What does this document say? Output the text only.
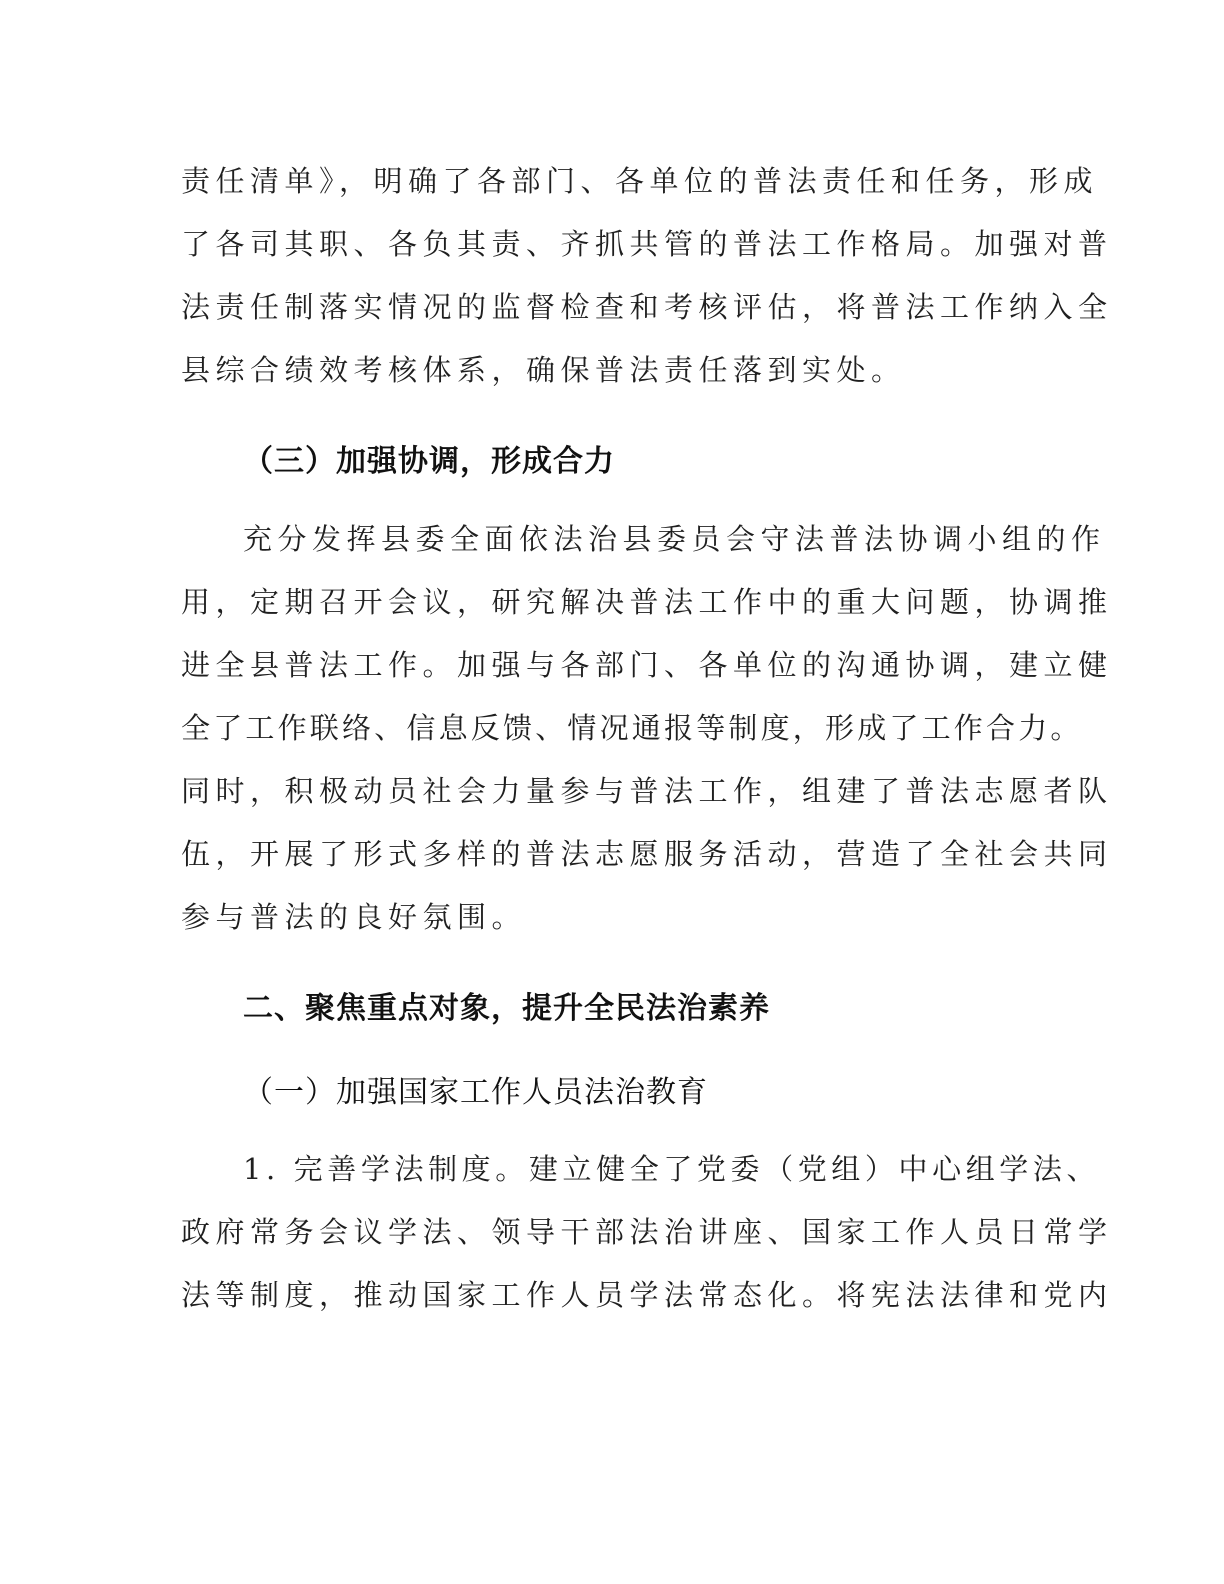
责任清单》，明确了各部门、各单位的普法责任和任务，形成
了各司其职、各负其责、齐抓共管的普法工作格局。加强对普
法责任制落实情况的监督检查和考核评估，将普法工作纳入全
县综合绩效考核体系，确保普法责任落到实处。
（三）加强协调，形成合力
充分发挥县委全面依法治县委员会守法普法协调小组的作
用，定期召开会议，研究解决普法工作中的重大问题，协调推
进全县普法工作。加强与各部门、各单位的沟通协调，建立健
全了工作联络、信息反馈、情况通报等制度，形成了工作合力。
同时，积极动员社会力量参与普法工作，组建了普法志愿者队
伍，开展了形式多样的普法志愿服务活动，营造了全社会共同
参与普法的良好氛围。
二、聚焦重点对象，提升全民法治素养
（一）加强国家工作人员法治教育
1. 完善学法制度。建立健全了党委（党组）中心组学法、
政府常务会议学法、领导干部法治讲座、国家工作人员日常学
法等制度，推动国家工作人员学法常态化。将宪法法律和党内
